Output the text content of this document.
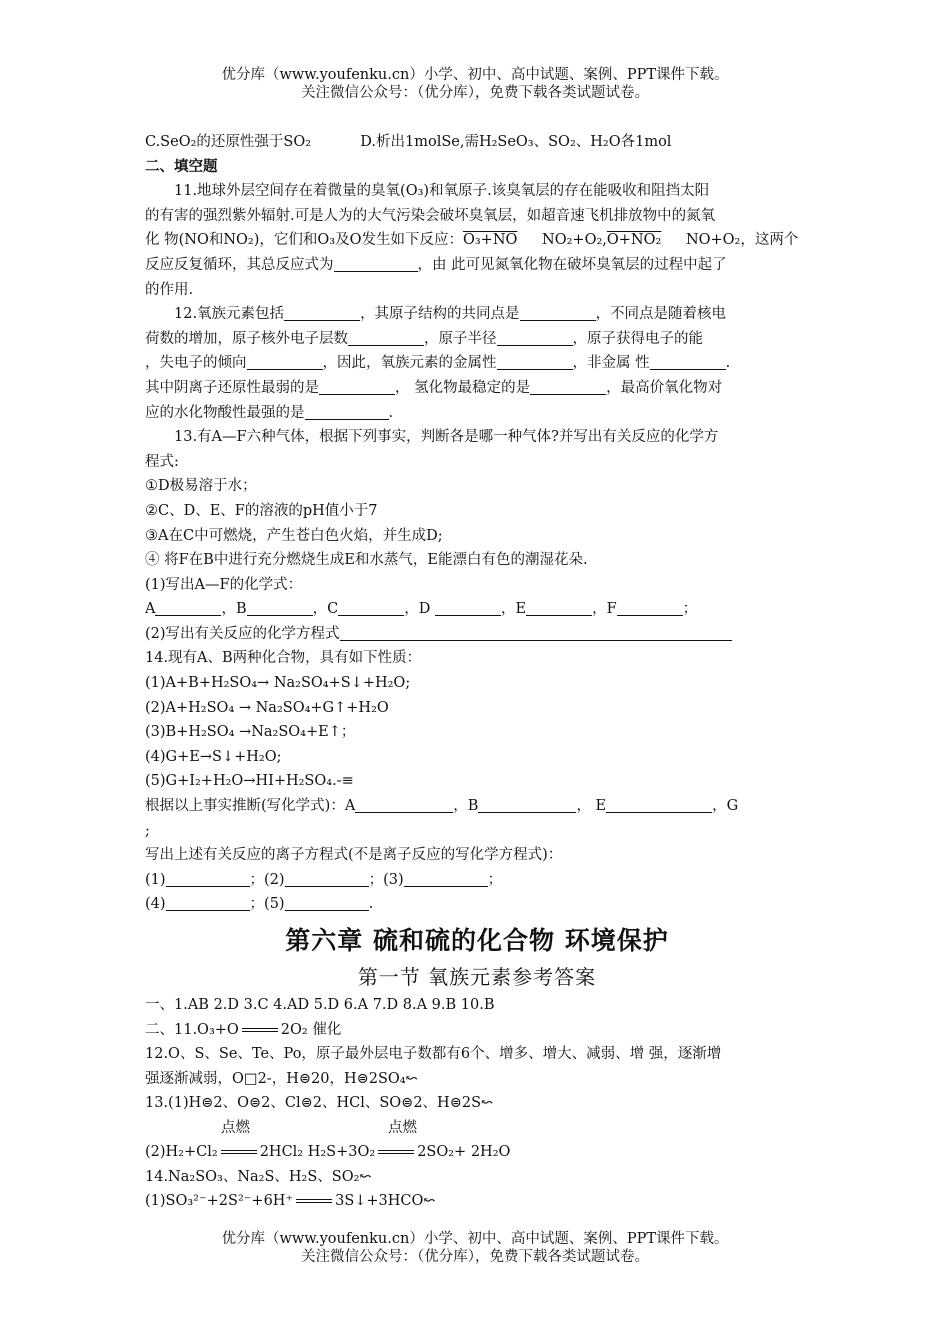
优分库（www.youfenku.cn）小学、初中、高中试题、案例、PPT课件下载。
关注微信公众号：（优分库），免费下载各类试题试卷。
C.SeO₂的还原性强于SO₂	D.析出1molSe,需H₂SeO₃、SO₂、H₂O各1mol
二、填空题
11.地球外层空间存在着微量的臭氧(O₃)和氧原子.该臭氧层的存在能吸收和阻挡太阳
的有害的强烈紫外辐射.可是人为的大气污染会破坏臭氧层，如超音速飞机排放物中的氮氧
化 物(NO和NO₂)，它们和O₃及O发生如下反应：O₃+NO NO₂+O₂,O+NO₂ NO+O₂，这两个
反应反复循环，其总反应式为	，由 此可见氮氧化物在破坏臭氧层的过程中起了
的作用.
12.氧族元素包括	，其原子结构的共同点是	，不同点是随着核电
荷数的增加，原子核外电子层数	，原子半径	，原子获得电子的能
，失电子的倾向	，因此，氧族元素的金属性	，非金属 性	.
其中阴离子还原性最弱的是	， 氢化物最稳定的是	，最高价氧化物对
应的水化物酸性最强的是	.
13.有A—F六种气体，根据下列事实，判断各是哪一种气体?并写出有关反应的化学方
程式:
①D极易溶于水；
②C、D、E、F的溶液的pH值小于7
③A在C中可燃烧，产生苍白色火焰，并生成D;
④ 将F在B中进行充分燃烧生成E和水蒸气，E能漂白有色的潮湿花朵.
(1)写出A—F的化学式：
A	，B	，C	，D	，E	，F	；
(2)写出有关反应的化学方程式
14.现有A、B两种化合物，具有如下性质：
(1)A+B+H₂SO₄→ Na₂SO₄+S↓+H₂O;
(2)A+H₂SO₄ → Na₂SO₄+G↑+H₂O
(3)B+H₂SO₄ →Na₂SO₄+E↑；
(4)G+E→S↓+H₂O;
(5)G+I₂+H₂O→HI+H₂SO₄.-≡
根据以上事实推断(写化学式)：A	，B	， E	，G
;
写出上述有关反应的离子方程式(不是离子反应的写化学方程式)：
(1)	；(2)	；(3)	；
(4)	；(5)	.
第六章 硫和硫的化合物 环境保护
第一节 氧族元素参考答案
一、1.AB 2.D 3.C 4.AD 5.D 6.A 7.D 8.A 9.B 10.B
二、11.O₃+O	2O₂ 催化
12.O、S、Se、Te、Po，原子最外层电子数都有6个、增多、增大、减弱、增 强，逐渐增
强逐渐减弱，O□2-，H⊜20，H⊜2SO₄↜
13.(1)H⊜2、O⊜2、Cl⊜2、HCl、SO⊜2、H⊜2S↜
点燃	点燃
(2)H₂+Cl₂	2HCl₂ H₂S+3O₂	2SO₂+ 2H₂O
14.Na₂SO₃、Na₂S、H₂S、SO₂↜
(1)SO₃²⁻+2S²⁻+6H⁺	3S↓+3HCO↜
优分库（www.youfenku.cn）小学、初中、高中试题、案例、PPT课件下载。
关注微信公众号：（优分库），免费下载各类试题试卷。
